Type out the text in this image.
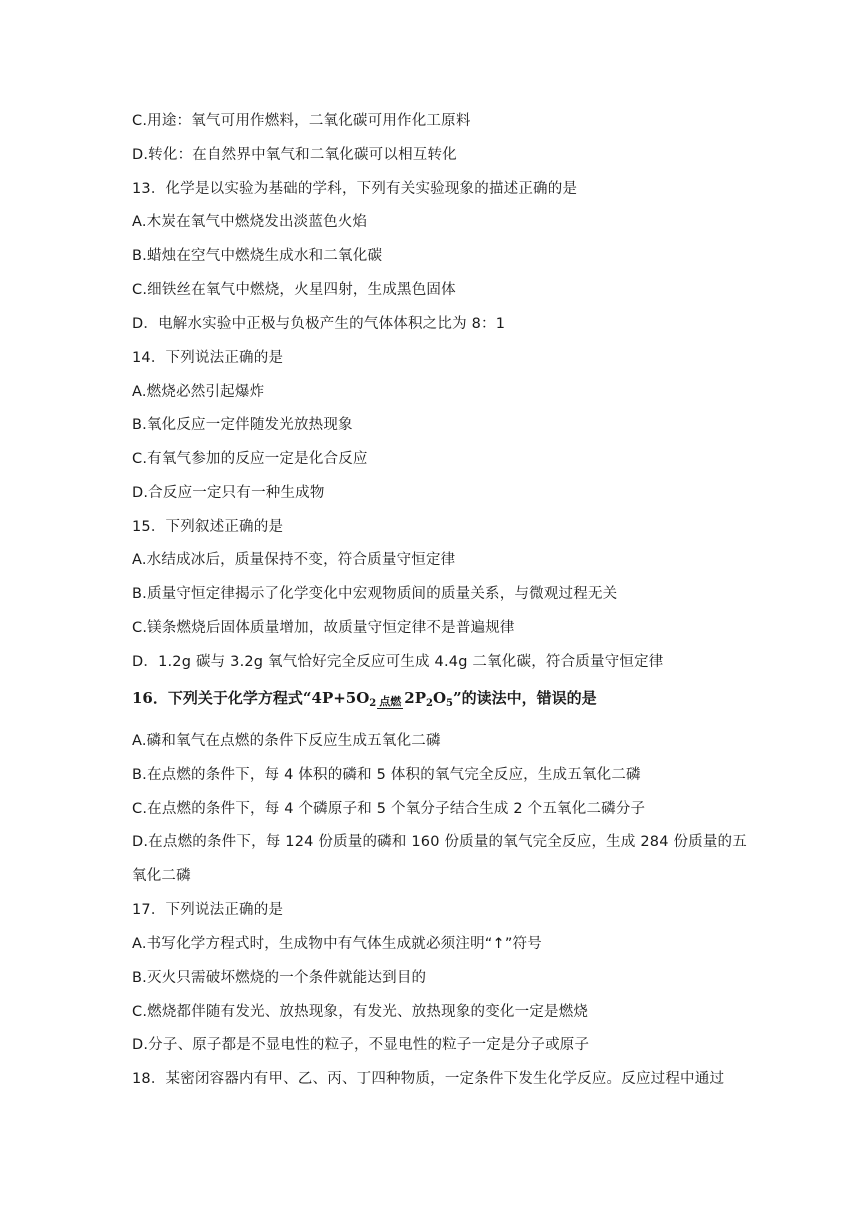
C.用途：氧气可用作燃料，二氧化碳可用作化工原料
D.转化：在自然界中氧气和二氧化碳可以相互转化
13．化学是以实验为基础的学科，下列有关实验现象的描述正确的是
A.木炭在氧气中燃烧发出淡蓝色火焰
B.蜡烛在空气中燃烧生成水和二氧化碳
C.细铁丝在氧气中燃烧，火星四射，生成黑色固体
D．电解水实验中正极与负极产生的气体体积之比为 8：1
14．下列说法正确的是
A.燃烧必然引起爆炸
B.氧化反应一定伴随发光放热现象
C.有氧气参加的反应一定是化合反应
D.合反应一定只有一种生成物
15．下列叙述正确的是
A.水结成冰后，质量保持不变，符合质量守恒定律
B.质量守恒定律揭示了化学变化中宏观物质间的质量关系，与微观过程无关
C.镁条燃烧后固体质量增加，故质量守恒定律不是普遍规律
D．1.2g 碳与 3.2g 氧气恰好完全反应可生成 4.4g 二氧化碳，符合质量守恒定律
16．下列关于化学方程式“$4P+5O_2$ 点燃 $2P_2O_5$”的读法中，错误的是
A.磷和氧气在点燃的条件下反应生成五氧化二磷
B.在点燃的条件下，每 4 体积的磷和 5 体积的氧气完全反应，生成五氧化二磷
C.在点燃的条件下，每 4 个磷原子和 5 个氧分子结合生成 2 个五氧化二磷分子
D.在点燃的条件下，每 124 份质量的磷和 160 份质量的氧气完全反应，生成 284 份质量的五
氧化二磷
17．下列说法正确的是
A.书写化学方程式时，生成物中有气体生成就必须注明“↑”符号
B.灭火只需破坏燃烧的一个条件就能达到目的
C.燃烧都伴随有发光、放热现象，有发光、放热现象的变化一定是燃烧
D.分子、原子都是不显电性的粒子，不显电性的粒子一定是分子或原子
18．某密闭容器内有甲、乙、丙、丁四种物质，一定条件下发生化学反应。反应过程中通过
